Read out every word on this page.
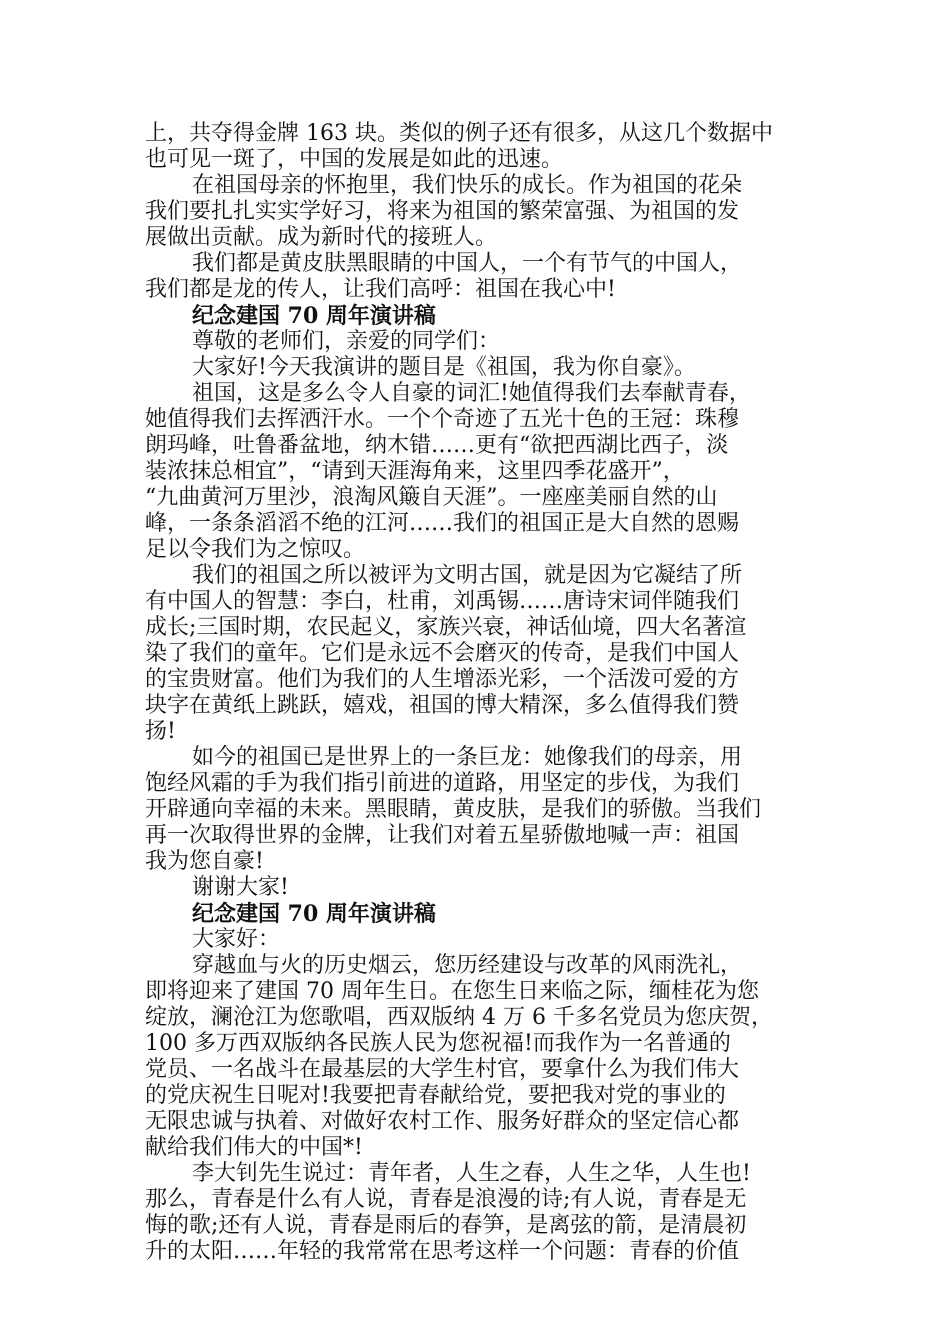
上，共夺得金牌 163 块。类似的例子还有很多，从这几个数据中
也可见一斑了，中国的发展是如此的迅速。
在祖国母亲的怀抱里，我们快乐的成长。作为祖国的花朵
我们要扎扎实实学好习，将来为祖国的繁荣富强、为祖国的发
展做出贡献。成为新时代的接班人。
我们都是黄皮肤黑眼睛的中国人，一个有节气的中国人，
我们都是龙的传人，让我们高呼：祖国在我心中!
纪念建国 70 周年演讲稿
尊敬的老师们，亲爱的同学们：
大家好!今天我演讲的题目是《祖国，我为你自豪》。
祖国，这是多么令人自豪的词汇!她值得我们去奉献青春，
她值得我们去挥洒汗水。一个个奇迹了五光十色的王冠：珠穆
朗玛峰，吐鲁番盆地，纳木错……更有“欲把西湖比西子，淡
装浓抹总相宜”，“请到天涯海角来，这里四季花盛开”，
“九曲黄河万里沙，浪淘风簸自天涯”。一座座美丽自然的山
峰，一条条滔滔不绝的江河……我们的祖国正是大自然的恩赐
足以令我们为之惊叹。
我们的祖国之所以被评为文明古国，就是因为它凝结了所
有中国人的智慧：李白，杜甫，刘禹锡……唐诗宋词伴随我们
成长;三国时期，农民起义，家族兴衰，神话仙境，四大名著渲
染了我们的童年。它们是永远不会磨灭的传奇，是我们中国人
的宝贵财富。他们为我们的人生增添光彩，一个活泼可爱的方
块字在黄纸上跳跃，嬉戏，祖国的博大精深，多么值得我们赞
扬!
如今的祖国已是世界上的一条巨龙：她像我们的母亲，用
饱经风霜的手为我们指引前进的道路，用坚定的步伐，为我们
开辟通向幸福的未来。黑眼睛，黄皮肤，是我们的骄傲。当我们
再一次取得世界的金牌，让我们对着五星骄傲地喊一声：祖国
我为您自豪!
谢谢大家!
纪念建国 70 周年演讲稿
大家好：
穿越血与火的历史烟云，您历经建设与改革的风雨洗礼，
即将迎来了建国 70 周年生日。在您生日来临之际，缅桂花为您
绽放，澜沧江为您歌唱，西双版纳 4 万 6 千多名党员为您庆贺，
100 多万西双版纳各民族人民为您祝福!而我作为一名普通的
党员、一名战斗在最基层的大学生村官，要拿什么为我们伟大
的党庆祝生日呢对!我要把青春献给党，要把我对党的事业的
无限忠诚与执着、对做好农村工作、服务好群众的坚定信心都
献给我们伟大的中国*!
李大钊先生说过：青年者，人生之春，人生之华，人生也!
那么，青春是什么有人说，青春是浪漫的诗;有人说，青春是无
悔的歌;还有人说，青春是雨后的春笋，是离弦的箭，是清晨初
升的太阳……年轻的我常常在思考这样一个问题：青春的价值
